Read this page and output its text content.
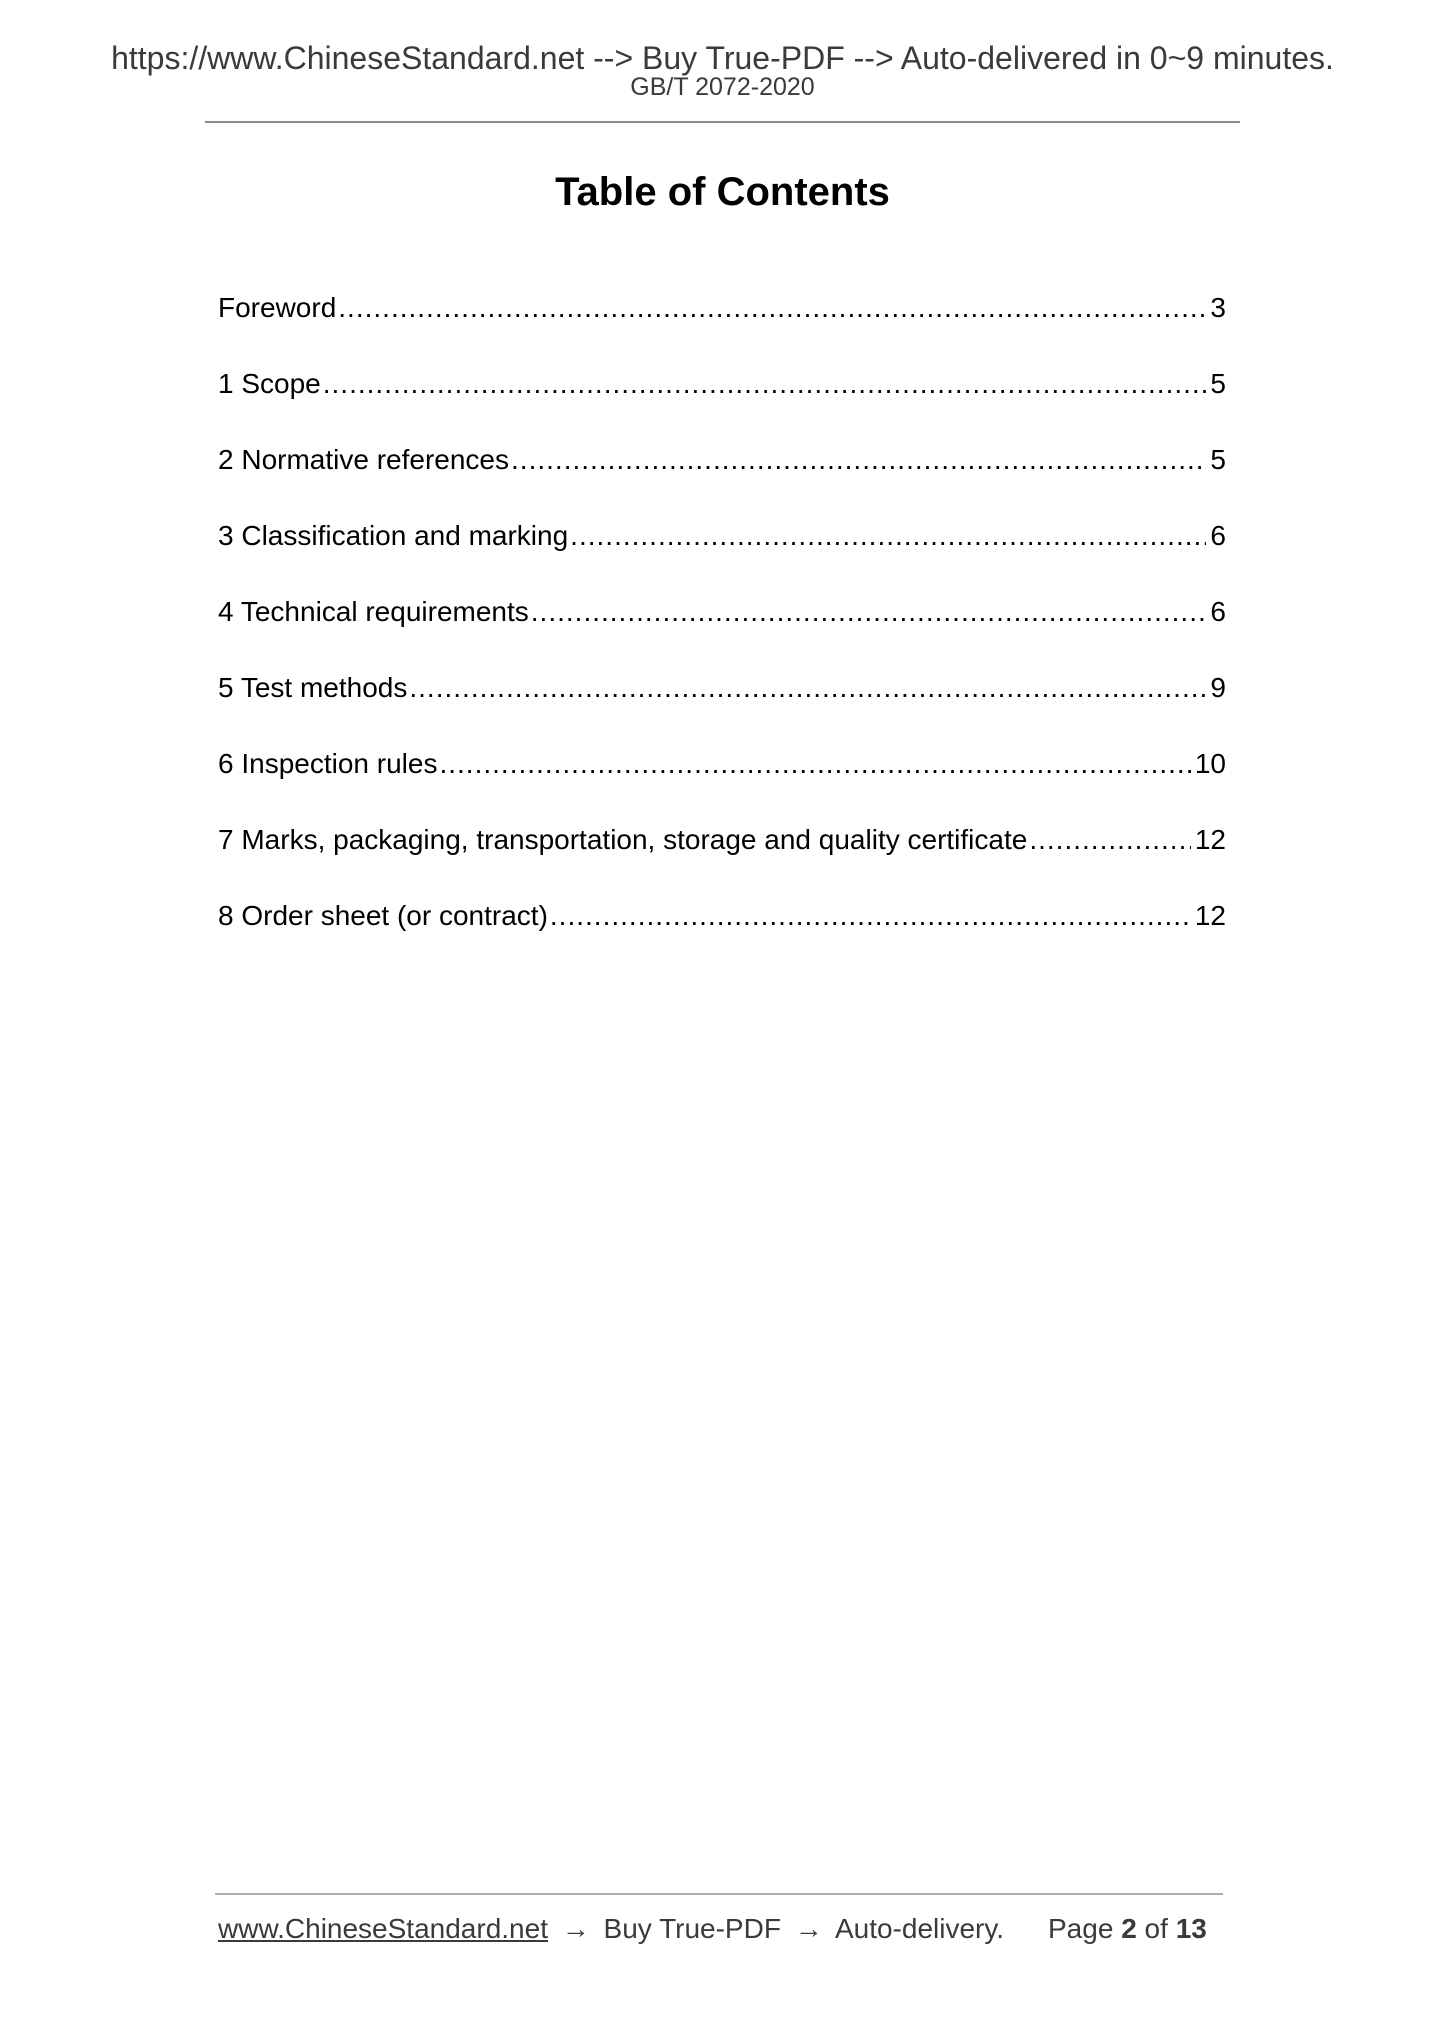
https://www.ChineseStandard.net --> Buy True-PDF --> Auto-delivered in 0~9 minutes.
GB/T 2072-2020
Table of Contents
Foreword .....	3
1 Scope .....	5
2 Normative references .....	5
3 Classification and marking .....	6
4 Technical requirements .....	6
5 Test methods .....	9
6 Inspection rules .....	10
7 Marks, packaging, transportation, storage and quality certificate .....	12
8 Order sheet (or contract) .....	12
www.ChineseStandard.net → Buy True-PDF → Auto-delivery. Page 2 of 13
